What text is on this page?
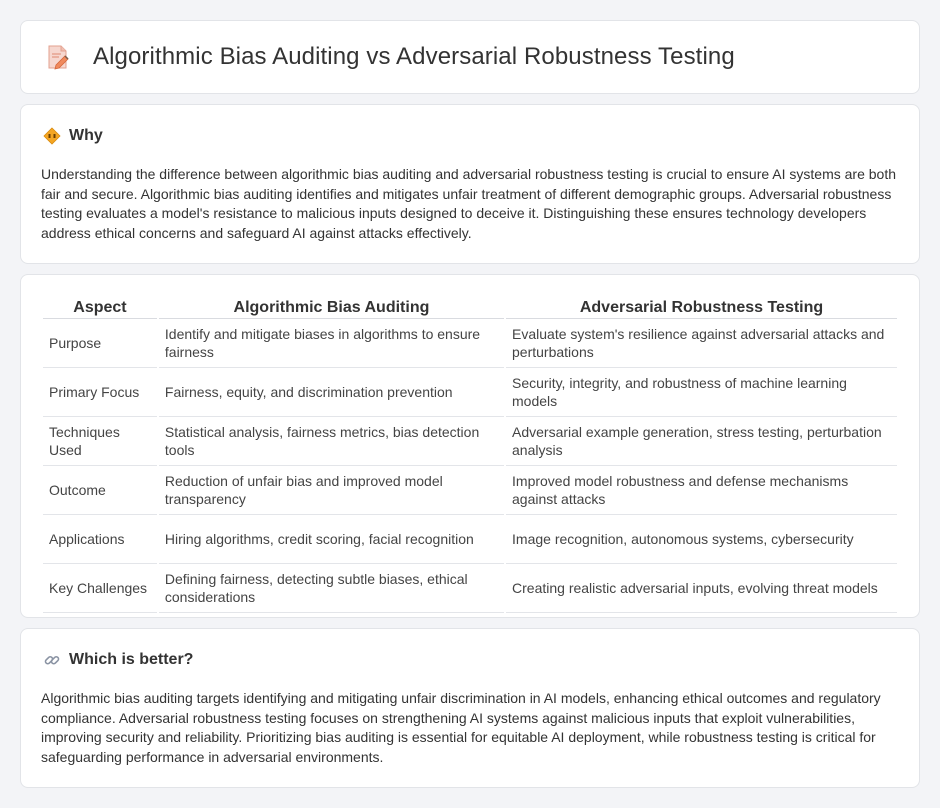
Algorithmic Bias Auditing vs Adversarial Robustness Testing
Why

Understanding the difference between algorithmic bias auditing and adversarial robustness testing is crucial to ensure AI systems are both fair and secure. Algorithmic bias auditing identifies and mitigates unfair treatment of different demographic groups. Adversarial robustness testing evaluates a model's resistance to malicious inputs designed to deceive it. Distinguishing these ensures technology developers address ethical concerns and safeguard AI against attacks effectively.

Aspect	Algorithmic Bias Auditing	Adversarial Robustness Testing
Purpose	Identify and mitigate biases in algorithms to ensure fairness	Evaluate system's resilience against adversarial attacks and perturbations
Primary Focus	Fairness, equity, and discrimination prevention	Security, integrity, and robustness of machine learning models
Techniques Used	Statistical analysis, fairness metrics, bias detection tools	Adversarial example generation, stress testing, perturbation analysis
Outcome	Reduction of unfair bias and improved model transparency	Improved model robustness and defense mechanisms against attacks
Applications	Hiring algorithms, credit scoring, facial recognition	Image recognition, autonomous systems, cybersecurity
Key Challenges	Defining fairness, detecting subtle biases, ethical considerations	Creating realistic adversarial inputs, evolving threat models
Which is better?

Algorithmic bias auditing targets identifying and mitigating unfair discrimination in AI models, enhancing ethical outcomes and regulatory compliance. Adversarial robustness testing focuses on strengthening AI systems against malicious inputs that exploit vulnerabilities, improving security and reliability. Prioritizing bias auditing is essential for equitable AI deployment, while robustness testing is critical for safeguarding performance in adversarial environments.
